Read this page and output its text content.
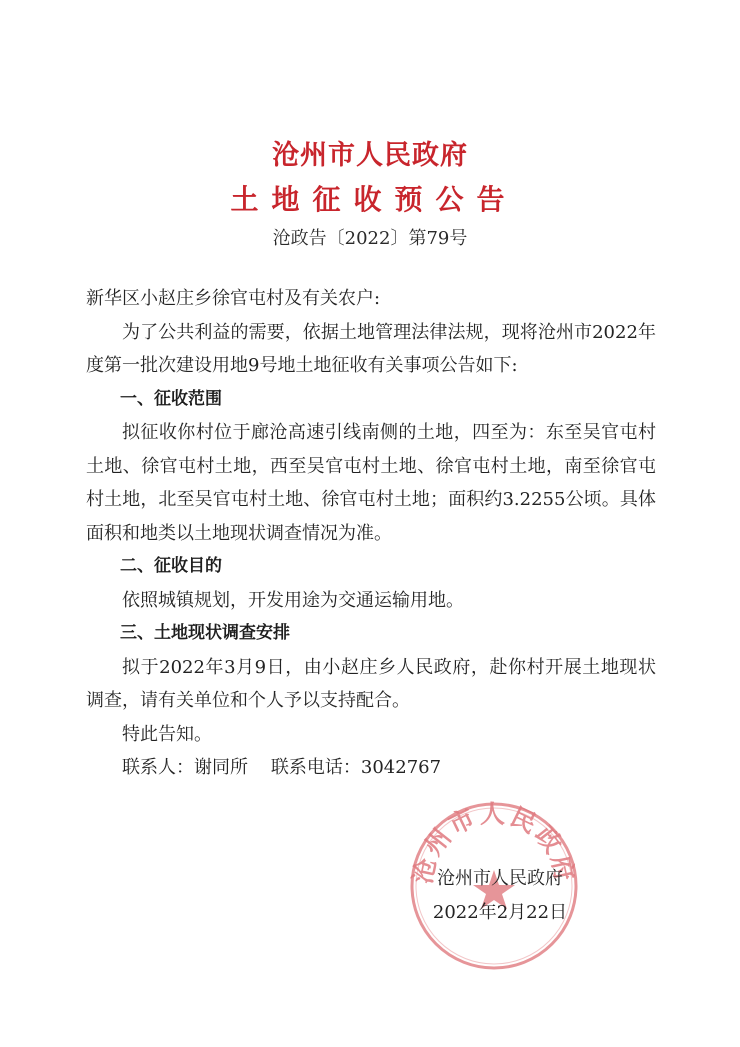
沧州市人民政府
土地征收预公告
沧政告〔2022〕第79号

新华区小赵庄乡徐官屯村及有关农户:

为了公共利益的需要，依据土地管理法律法规，现将沧州市2022年度第一批次建设用地9号地土地征收有关事项公告如下:

一、征收范围

拟征收你村位于廊沧高速引线南侧的土地，四至为：东至吴官屯村土地、徐官屯村土地，西至吴官屯村土地、徐官屯村土地，南至徐官屯村土地，北至吴官屯村土地、徐官屯村土地；面积约3.2255公顷。具体面积和地类以土地现状调查情况为准。

二、征收目的

依照城镇规划，开发用途为交通运输用地。

三、土地现状调查安排

拟于2022年3月9日，由小赵庄乡人民政府，赴你村开展土地现状调查，请有关单位和个人予以支持配合。

特此告知。

联系人：谢同所    联系电话：3042767

沧州市人民政府
沧州市人民政府
2022年2月22日
